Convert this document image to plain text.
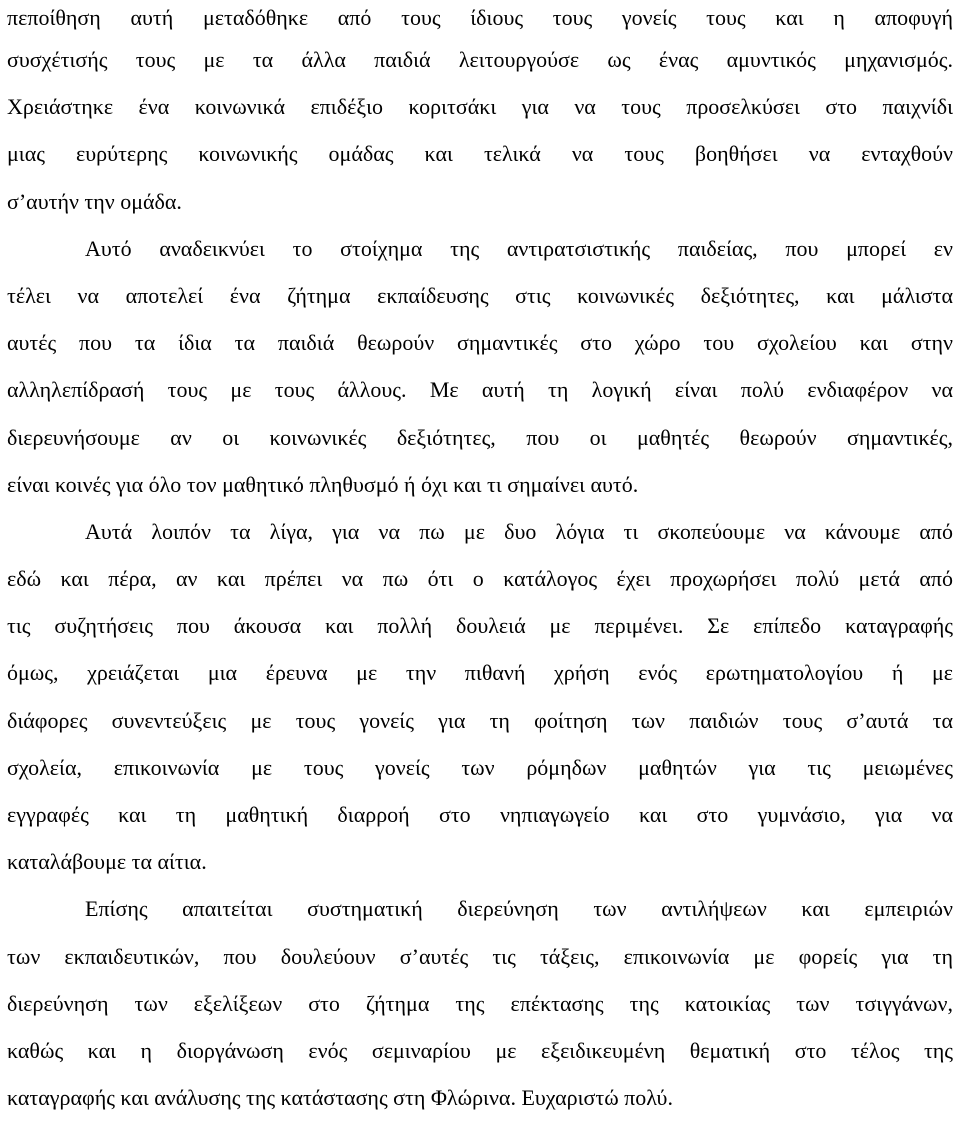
πεποίθηση αυτή μεταδόθηκε από τους ίδιους τους γονείς τους και η αποφυγή
συσχέτισής τους με τα άλλα παιδιά λειτουργούσε ως ένας αμυντικός μηχανισμός.
Χρειάστηκε ένα κοινωνικά επιδέξιο κοριτσάκι για να τους προσελκύσει στο παιχνίδι
μιας ευρύτερης κοινωνικής ομάδας και τελικά να τους βοηθήσει να ενταχθούν
σ’αυτήν την ομάδα.
Αυτό αναδεικνύει το στοίχημα της αντιρατσιστικής παιδείας, που μπορεί εν
τέλει να αποτελεί ένα ζήτημα εκπαίδευσης στις κοινωνικές δεξιότητες, και μάλιστα
αυτές που τα ίδια τα παιδιά θεωρούν σημαντικές στο χώρο του σχολείου και στην
αλληλεπίδρασή τους με τους άλλους. Με αυτή τη λογική είναι πολύ ενδιαφέρον να
διερευνήσουμε αν οι κοινωνικές δεξιότητες, που οι μαθητές θεωρούν σημαντικές,
είναι κοινές για όλο τον μαθητικό πληθυσμό ή όχι και τι σημαίνει αυτό.
Αυτά λοιπόν τα λίγα, για να πω με δυο λόγια τι σκοπεύουμε να κάνουμε από
εδώ και πέρα, αν και πρέπει να πω ότι ο κατάλογος έχει προχωρήσει πολύ μετά από
τις συζητήσεις που άκουσα και πολλή δουλειά με περιμένει. Σε επίπεδο καταγραφής
όμως, χρειάζεται μια έρευνα με την πιθανή χρήση ενός ερωτηματολογίου ή με
διάφορες συνεντεύξεις με τους γονείς για τη φοίτηση των παιδιών τους σ’αυτά τα
σχολεία, επικοινωνία με τους γονείς των ρόμηδων μαθητών για τις μειωμένες
εγγραφές και τη μαθητική διαρροή στο νηπιαγωγείο και στο γυμνάσιο, για να
καταλάβουμε τα αίτια.
Επίσης απαιτείται συστηματική διερεύνηση των αντιλήψεων και εμπειριών
των εκπαιδευτικών, που δουλεύουν σ’αυτές τις τάξεις, επικοινωνία με φορείς για τη
διερεύνηση των εξελίξεων στο ζήτημα της επέκτασης της κατοικίας των τσιγγάνων,
καθώς και η διοργάνωση ενός σεμιναρίου με εξειδικευμένη θεματική στο τέλος της
καταγραφής και ανάλυσης της κατάστασης στη Φλώρινα. Ευχαριστώ πολύ.
